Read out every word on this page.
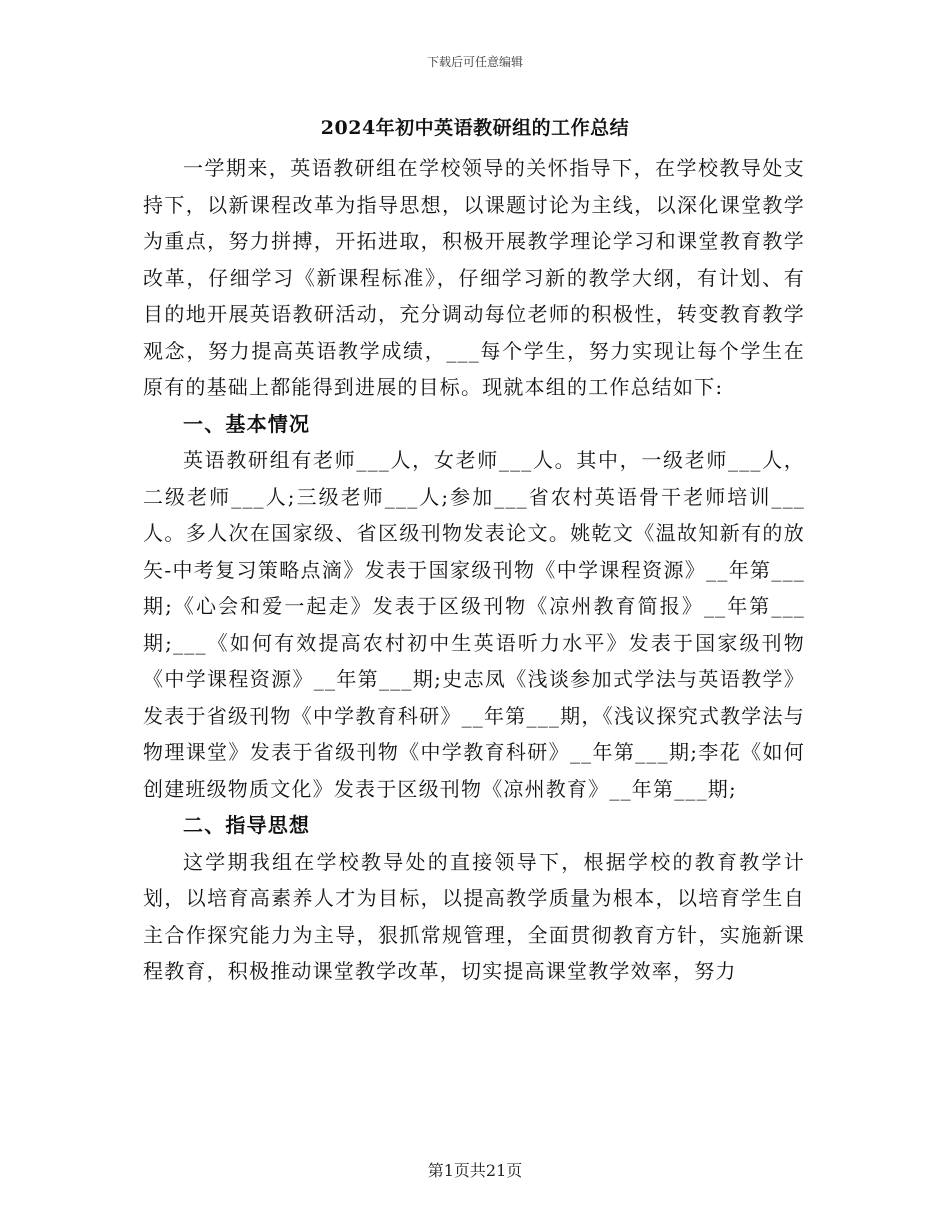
下载后可任意编辑
2024年初中英语教研组的工作总结

一学期来，英语教研组在学校领导的关怀指导下，在学校教导处支持下，以新课程改革为指导思想，以课题讨论为主线，以深化课堂教学为重点，努力拼搏，开拓进取，积极开展教学理论学习和课堂教育教学改革，仔细学习《新课程标准》，仔细学习新的教学大纲，有计划、有目的地开展英语教研活动，充分调动每位老师的积极性，转变教育教学观念，努力提高英语教学成绩，___每个学生，努力实现让每个学生在原有的基础上都能得到进展的目标。现就本组的工作总结如下:

一、基本情况

英语教研组有老师___人，女老师___人。其中，一级老师___人，二级老师___人;三级老师___人;参加___省农村英语骨干老师培训___人。多人次在国家级、省区级刊物发表论文。姚乾文《温故知新有的放矢-中考复习策略点滴》发表于国家级刊物《中学课程资源》__年第___期;《心会和爱一起走》发表于区级刊物《凉州教育简报》__年第___期;___《如何有效提高农村初中生英语听力水平》发表于国家级刊物《中学课程资源》__年第___期;史志凤《浅谈参加式学法与英语教学》发表于省级刊物《中学教育科研》__年第___期，《浅议探究式教学法与物理课堂》发表于省级刊物《中学教育科研》__年第___期;李花《如何创建班级物质文化》发表于区级刊物《凉州教育》__年第___期;

二、指导思想

这学期我组在学校教导处的直接领导下，根据学校的教育教学计划，以培育高素养人才为目标，以提高教学质量为根本，以培育学生自主合作探究能力为主导，狠抓常规管理，全面贯彻教育方针，实施新课程教育，积极推动课堂教学改革，切实提高课堂教学效率，努力

第1页共21页
